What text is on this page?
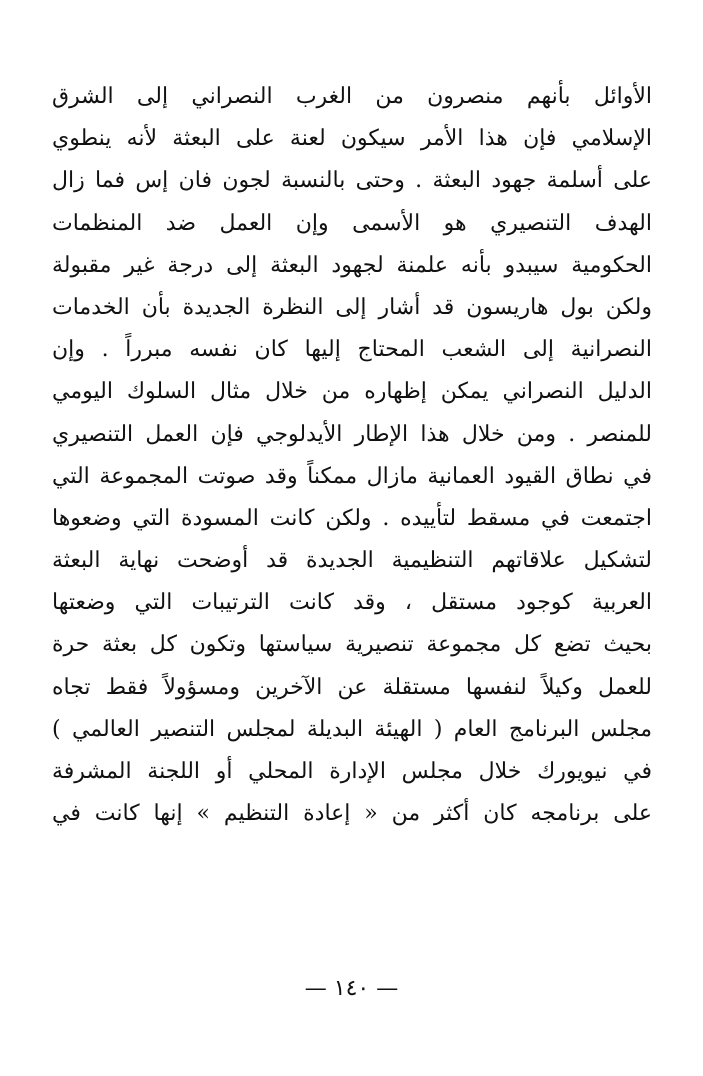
الأوائل بأنهم منصرون من الغرب النصراني إلى الشرق
الإسلامي فإن هذا الأمر سيكون لعنة على البعثة لأنه ينطوي
على أسلمة جهود البعثة . وحتى بالنسبة لجون فان إس فما زال
الهدف التنصيري هو الأسمى وإن العمل ضد المنظمات
الحكومية سيبدو بأنه علمنة لجهود البعثة إلى درجة غير مقبولة
ولكن بول هاريسون قد أشار إلى النظرة الجديدة بأن الخدمات
النصرانية إلى الشعب المحتاج إليها كان نفسه مبرراً . وإن
الدليل النصراني يمكن إظهاره من خلال مثال السلوك اليومي
للمنصر . ومن خلال هذا الإطار الأيدلوجي فإن العمل التنصيري
في نطاق القيود العمانية مازال ممكناً وقد صوتت المجموعة التي
اجتمعت في مسقط لتأييده . ولكن كانت المسودة التي وضعوها
لتشكيل علاقاتهم التنظيمية الجديدة قد أوضحت نهاية البعثة
العربية كوجود مستقل ، وقد كانت الترتيبات التي وضعتها
بحيث تضع كل مجموعة تنصيرية سياستها وتكون كل بعثة حرة
للعمل وكيلاً لنفسها مستقلة عن الآخرين ومسؤولاً فقط تجاه
مجلس البرنامج العام ( الهيئة البديلة لمجلس التنصير العالمي )
في نيويورك خلال مجلس الإدارة المحلي أو اللجنة المشرفة
على برنامجه كان أكثر من « إعادة التنظيم » إنها كانت في
— ١٤٠ —
